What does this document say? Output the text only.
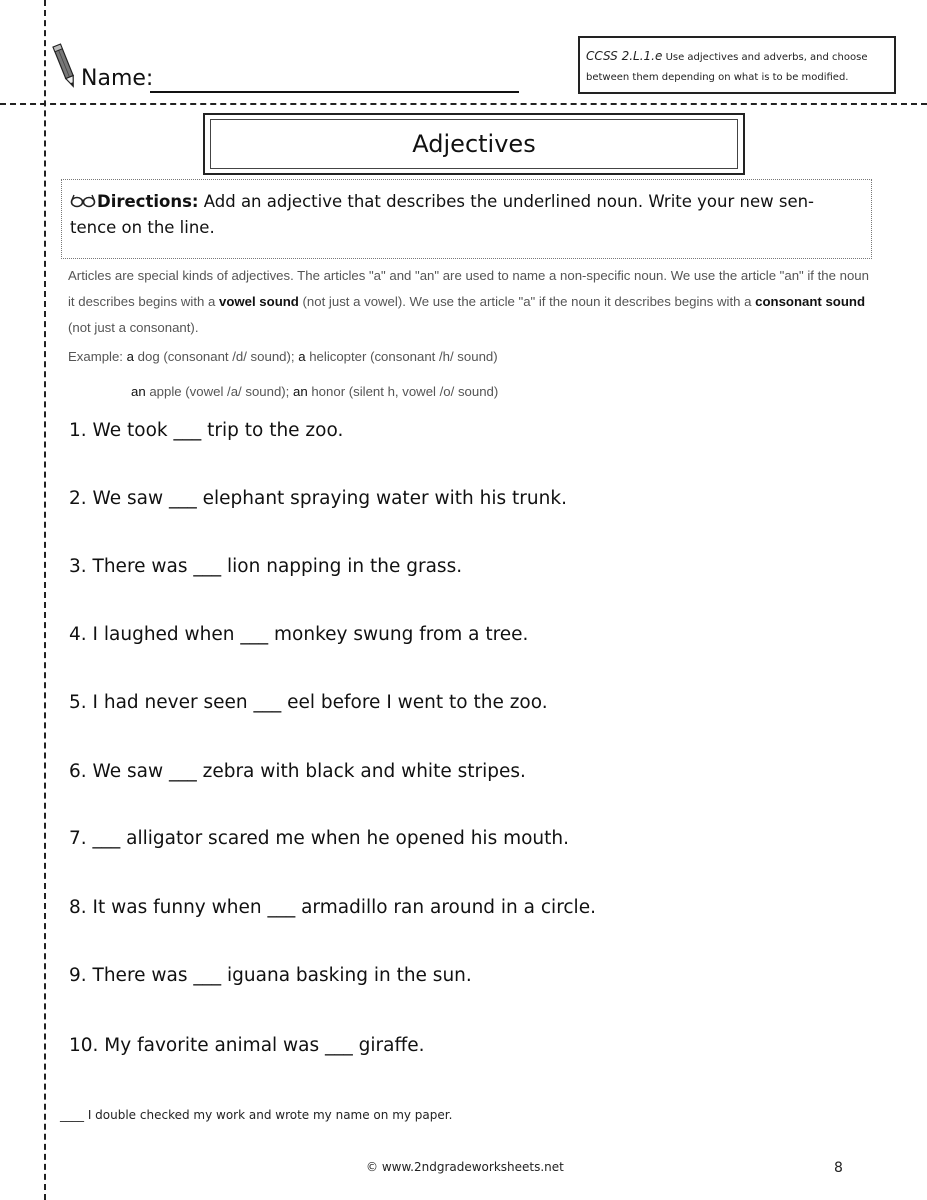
Name:
CCSS 2.L.1.e Use adjectives and adverbs, and choose
between them depending on what is to be modified.
Adjectives
Directions: Add an adjective that describes the underlined noun. Write your new sen-
tence on the line.
Articles are special kinds of adjectives. The articles "a" and "an" are used to name a non-specific noun. We use the article "an" if the noun it describes begins with a vowel sound (not just a vowel). We use the article "a" if the noun it describes begins with a consonant sound (not just a consonant).
Example: a dog (consonant /d/ sound); a helicopter (consonant /h/ sound)
an apple (vowel /a/ sound); an honor (silent h, vowel /o/ sound)
1. We took ___ trip to the zoo.
2. We saw ___ elephant spraying water with his trunk.
3. There was ___ lion napping in the grass.
4. I laughed when ___ monkey swung from a tree.
5. I had never seen ___ eel before I went to the zoo.
6. We saw ___ zebra with black and white stripes.
7. ___ alligator scared me when he opened his mouth.
8. It was funny when ___ armadillo ran around in a circle.
9. There was ___ iguana basking in the sun.
10. My favorite animal was ___ giraffe.
____ I double checked my work and wrote my name on my paper.
© www.2ndgradeworksheets.net	8
